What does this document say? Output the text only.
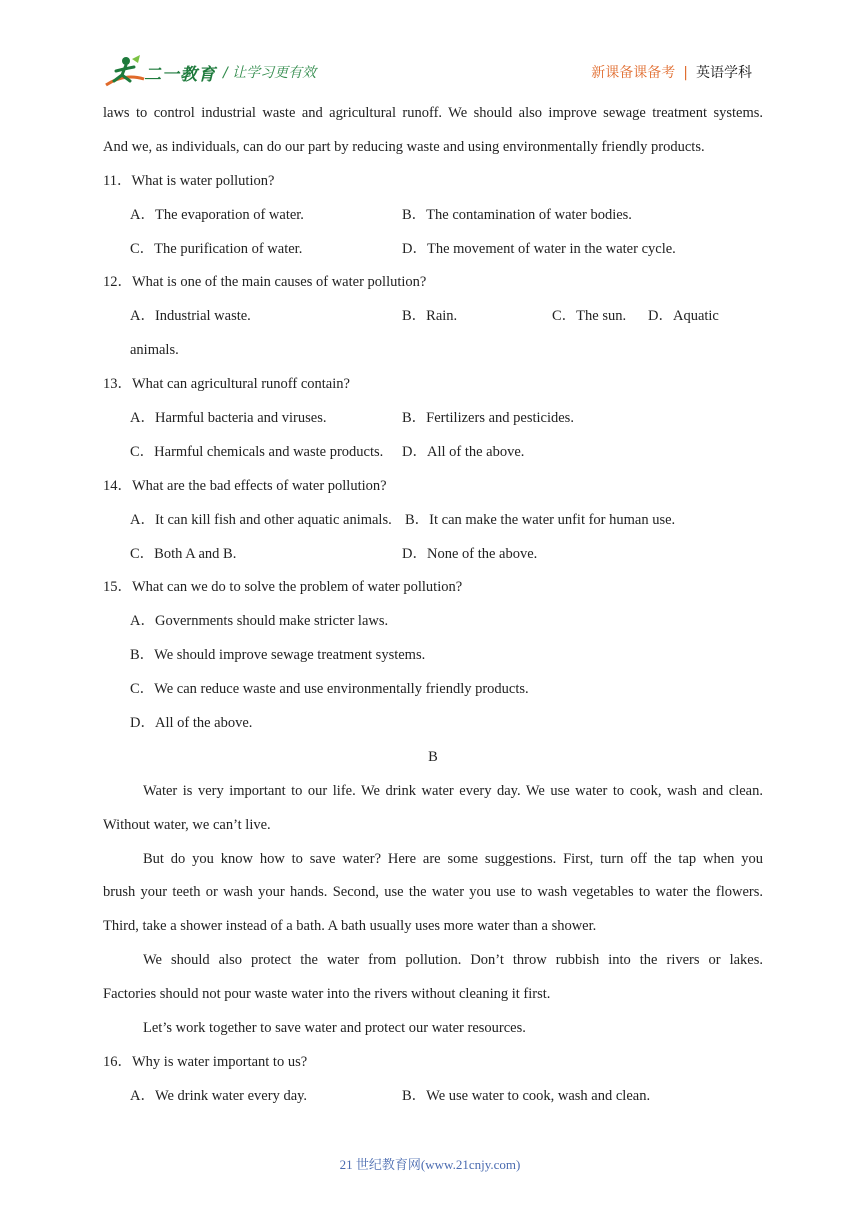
二一教育 / 让学习更有效	新课备课备考 | 英语学科
laws to control industrial waste and agricultural runoff. We should also improve sewage treatment systems.
And we, as individuals, can do our part by reducing waste and using environmentally friendly products.
11．What is water pollution?
A．The evaporation of water.	B．The contamination of water bodies.
C．The purification of water.	D．The movement of water in the water cycle.
12．What is one of the main causes of water pollution?
A．Industrial waste.	B．Rain.	C．The sun. D．Aquatic
animals.
13．What can agricultural runoff contain?
A．Harmful bacteria and viruses.	B．Fertilizers and pesticides.
C．Harmful chemicals and waste products. D．All of the above.
14．What are the bad effects of water pollution?
A．It can kill fish and other aquatic animals. B．It can make the water unfit for human use.
C．Both A and B.	D．None of the above.
15．What can we do to solve the problem of water pollution?
A．Governments should make stricter laws.
B．We should improve sewage treatment systems.
C．We can reduce waste and use environmentally friendly products.
D．All of the above.
B
Water is very important to our life. We drink water every day. We use water to cook, wash and clean.
Without water, we can’t live.
But do you know how to save water? Here are some suggestions. First, turn off the tap when you
brush your teeth or wash your hands. Second, use the water you use to wash vegetables to water the flowers.
Third, take a shower instead of a bath. A bath usually uses more water than a shower.
We should also protect the water from pollution. Don’t throw rubbish into the rivers or lakes.
Factories should not pour waste water into the rivers without cleaning it first.
Let’s work together to save water and protect our water resources.
16．Why is water important to us?
A．We drink water every day.	B．We use water to cook, wash and clean.
21 世纪教育网(www.21cnjy.com)
